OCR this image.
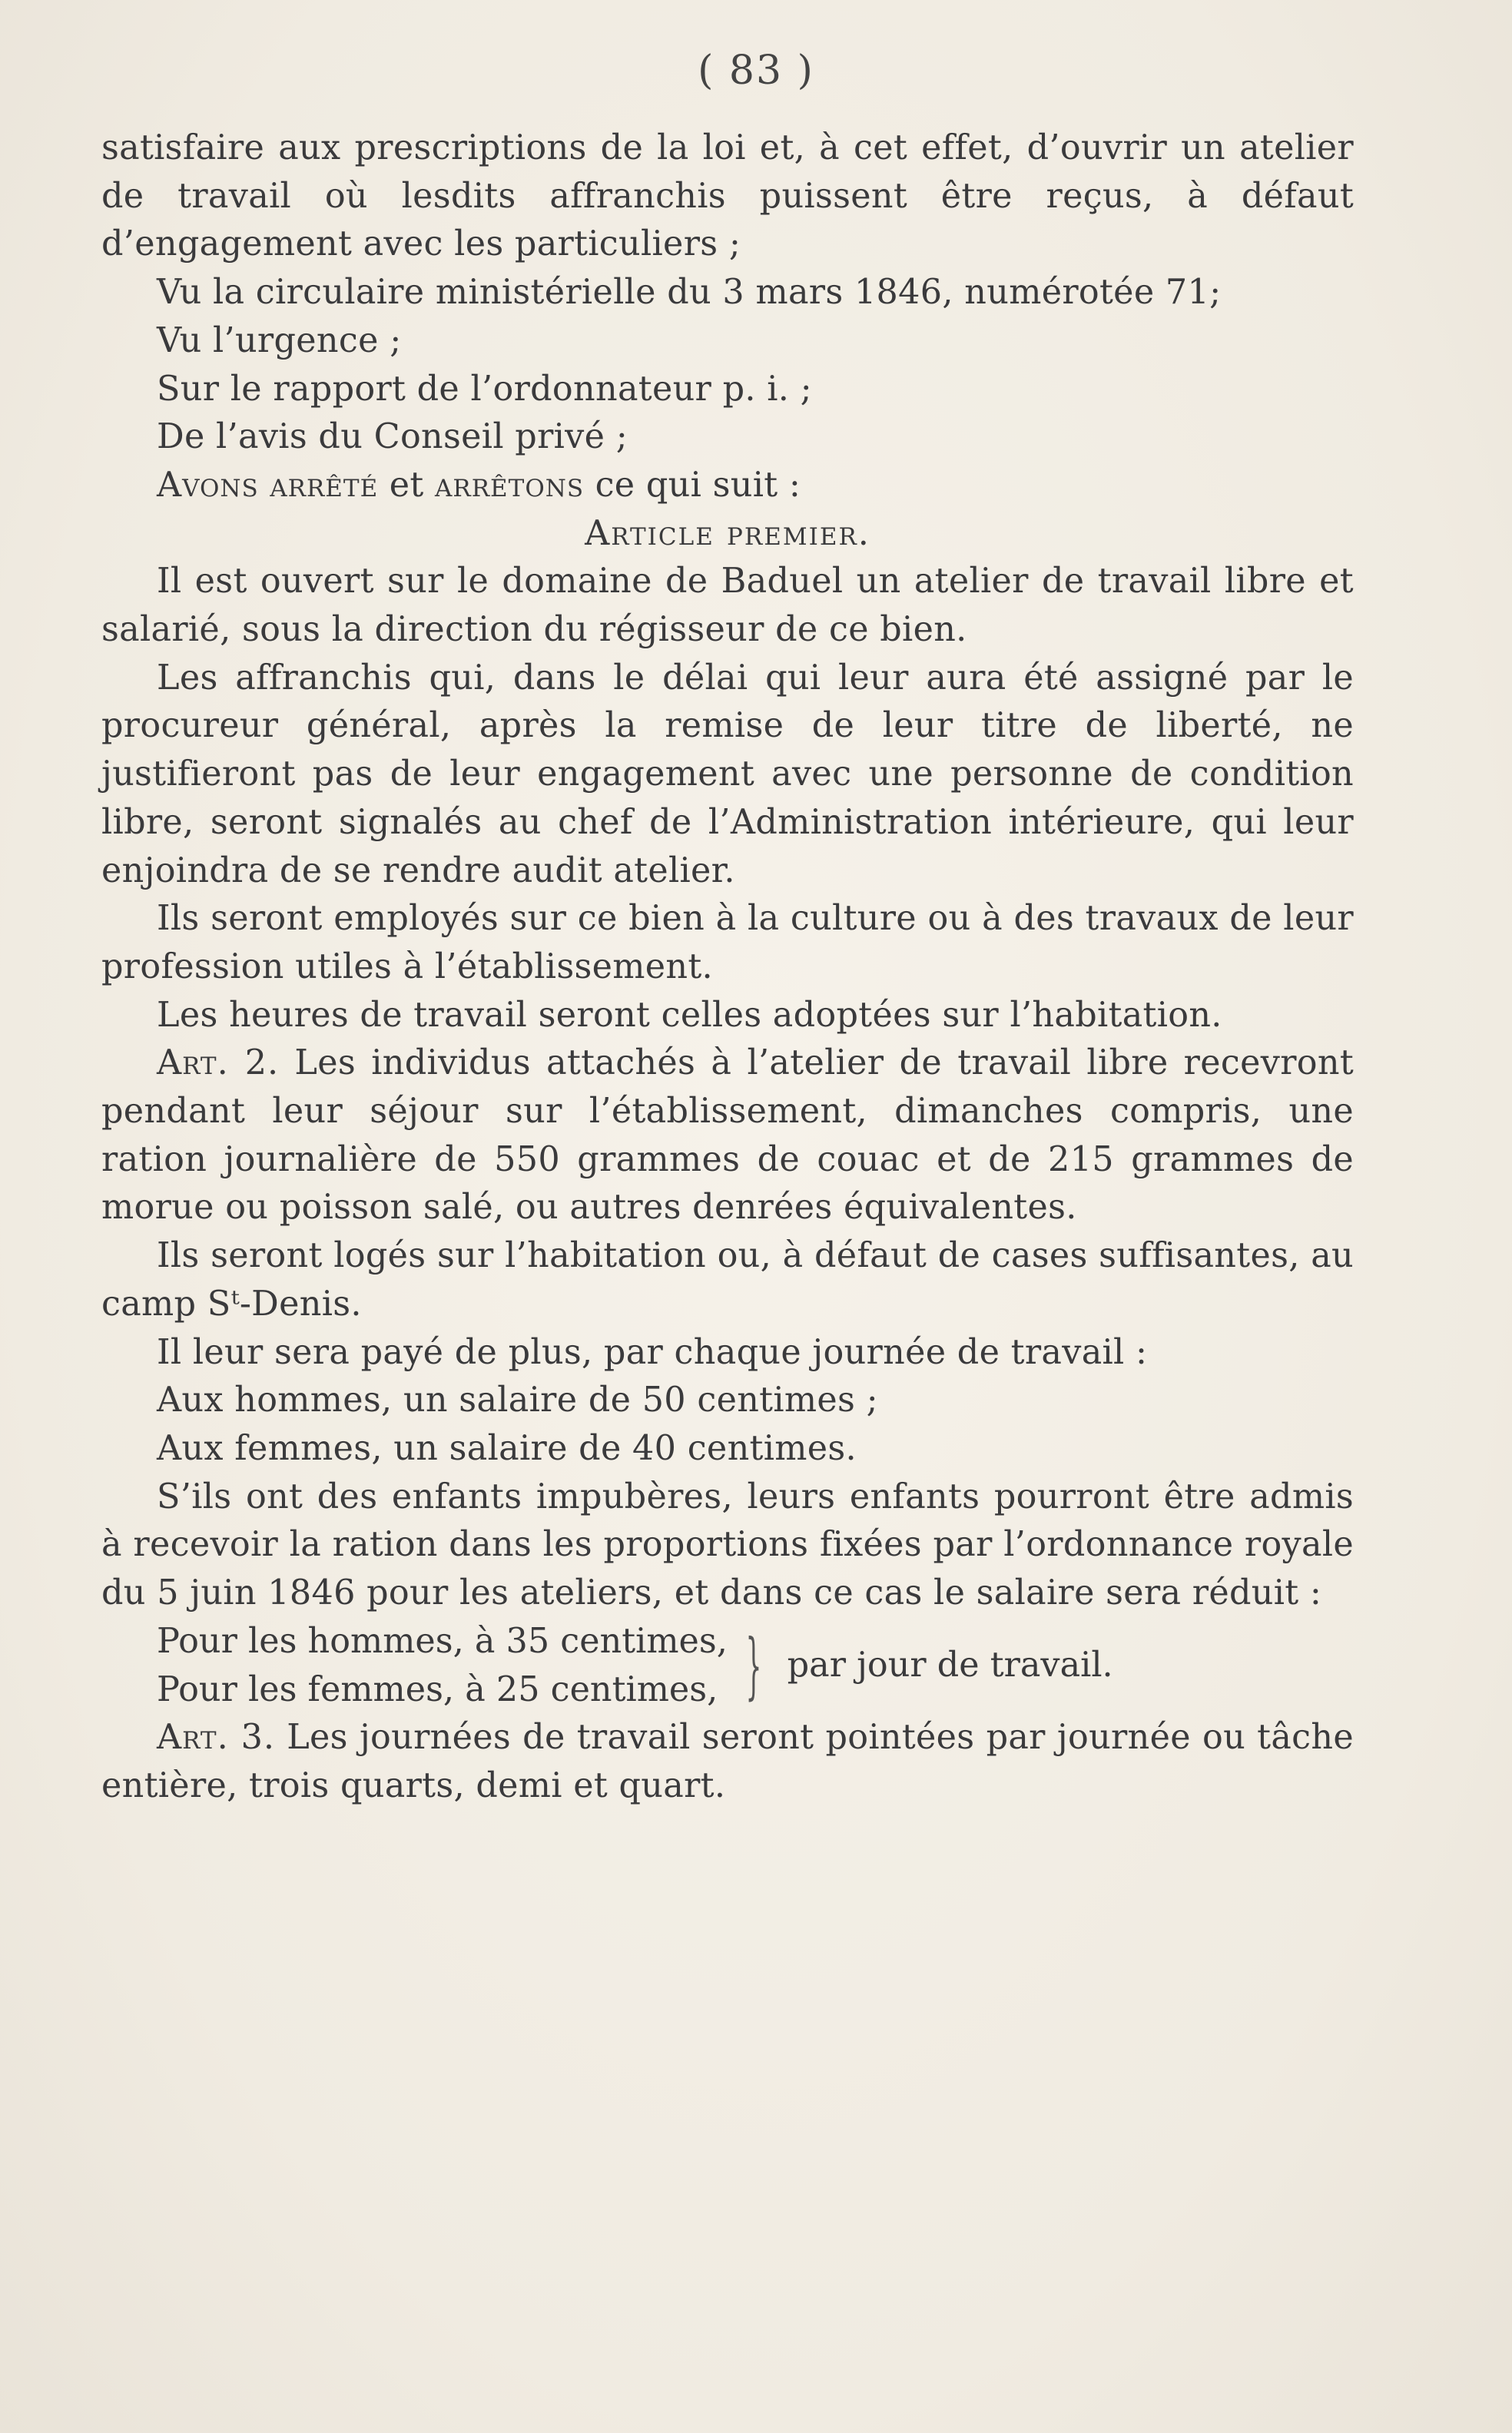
( 83 )

satisfaire aux prescriptions de la loi et, à cet effet, d’ouvrir un atelier de travail où lesdits affranchis puissent être reçus, à défaut d’engagement avec les particuliers ;

Vu la circulaire ministérielle du 3 mars 1846, numérotée 71;

Vu l’urgence ;

Sur le rapport de l’ordonnateur p. i. ;

De l’avis du Conseil privé ;

Avons arrêté et arrêtons ce qui suit :

Article premier.

Il est ouvert sur le domaine de Baduel un atelier de travail libre et salarié, sous la direction du régisseur de ce bien.

Les affranchis qui, dans le délai qui leur aura été assigné par le procureur général, après la remise de leur titre de liberté, ne justifieront pas de leur engagement avec une personne de condition libre, seront signalés au chef de l’Administration intérieure, qui leur enjoindra de se rendre audit atelier.

Ils seront employés sur ce bien à la culture ou à des travaux de leur profession utiles à l’établissement.

Les heures de travail seront celles adoptées sur l’habitation.

Art. 2. Les individus attachés à l’atelier de travail libre recevront pendant leur séjour sur l’établissement, dimanches compris, une ration journalière de 550 grammes de couac et de 215 grammes de morue ou poisson salé, ou autres denrées équivalentes.

Ils seront logés sur l’habitation ou, à défaut de cases suffisantes, au camp Sᵗ-Denis.

Il leur sera payé de plus, par chaque journée de travail :

Aux hommes, un salaire de 50 centimes ;

Aux femmes, un salaire de 40 centimes.

S’ils ont des enfants impubères, leurs enfants pourront être admis à recevoir la ration dans les proportions fixées par l’ordonnance royale du 5 juin 1846 pour les ateliers, et dans ce cas le salaire sera réduit :

Pour les hommes, à 35 centimes,
Pour les femmes, à 25 centimes, } par jour de travail.

Art. 3. Les journées de travail seront pointées par journée ou tâche entière, trois quarts, demi et quart.
